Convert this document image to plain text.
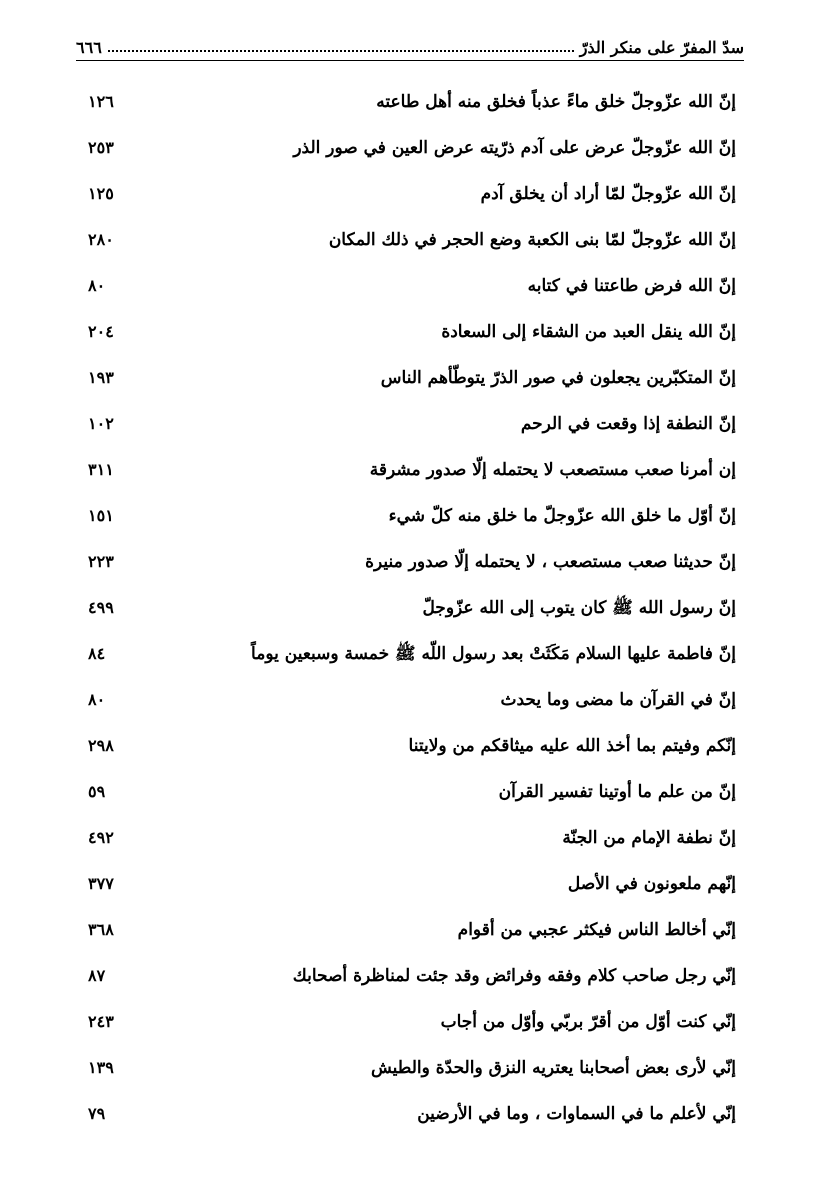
سدّ المفرّ على منكر الذرّ
٦٦٦
إنّ الله عزّوجلّ خلق ماءً عذباً فخلق منه أهل طاعته
١٢٦
إنّ الله عزّوجلّ عرض على آدم ذرّيته عرض العين في صور الذر
٢٥٣
إنّ الله عزّوجلّ لمّا أراد أن يخلق آدم
١٢٥
إنّ الله عزّوجلّ لمّا بنى الكعبة وضع الحجر في ذلك المكان
٢٨٠
إنّ الله فرض طاعتنا في كتابه
٨٠
إنّ الله ينقل العبد من الشقاء إلى السعادة
٢٠٤
إنّ المتكبّرين يجعلون في صور الذرّ يتوطّأهم الناس
١٩٣
إنّ النطفة إذا وقعت في الرحم
١٠٢
إن أمرنا صعب مستصعب لا يحتمله إلّا صدور مشرقة
٣١١
إنّ أوّل ما خلق الله عزّوجلّ ما خلق منه كلّ شيء
١٥١
إنّ حديثنا صعب مستصعب ، لا يحتمله إلّا صدور منيرة
٢٢٣
إنّ رسول الله ﷺ كان يتوب إلى الله عزّوجلّ
٤٩٩
إنّ فاطمة عليها السلام مَكَثَتْ بعد رسول اللّه ﷺ خمسة وسبعين يوماً
٨٤
إنّ في القرآن ما مضى وما يحدث
٨٠
إنّكم وفيتم بما أخذ الله عليه ميثاقكم من ولايتنا
٢٩٨
إنّ من علم ما أوتينا تفسير القرآن
٥٩
إنّ نطفة الإمام من الجنّة
٤٩٢
إنّهم ملعونون في الأصل
٣٧٧
إنّي أخالط الناس فيكثر عجبي من أقوام
٣٦٨
إنّي رجل صاحب كلام وفقه وفرائض وقد جئت لمناظرة أصحابك
٨٧
إنّي كنت أوّل من أقرّ بربّي وأوّل من أجاب
٢٤٣
إنّي لأرى بعض أصحابنا يعتريه النزق والحدّة والطيش
١٣٩
إنّي لأعلم ما في السماوات ، وما في الأرضين
٧٩
